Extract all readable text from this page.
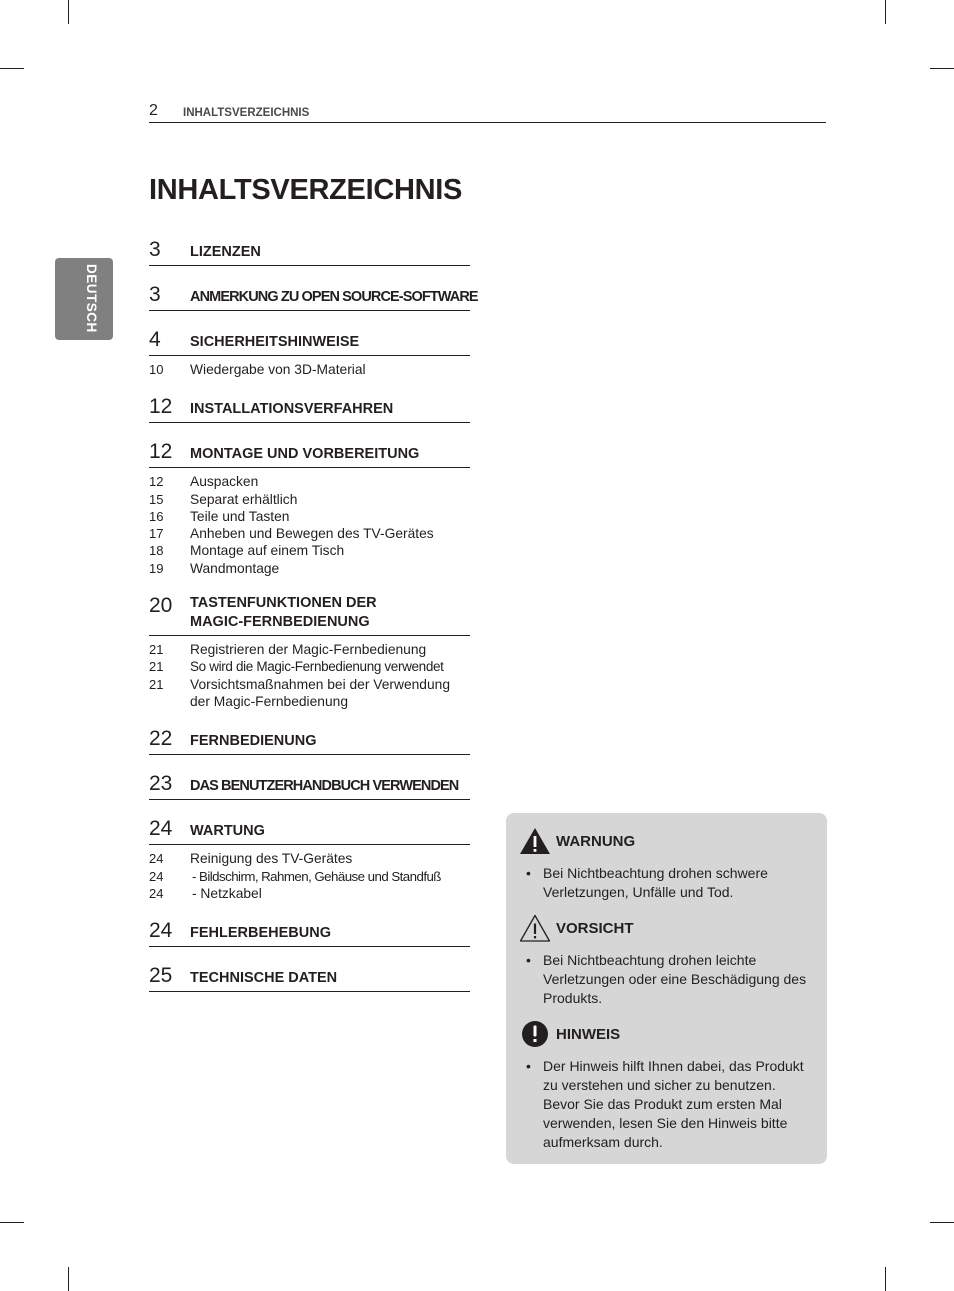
2 INHALTSVERZEICHNIS
DEUTSCH
INHALTSVERZEICHNIS
3	LIZENZEN
3	ANMERKUNG ZU OPEN SOURCE-SOFTWARE
4	SICHERHEITSHINWEISE
10	Wiedergabe von 3D-Material
12	INSTALLATIONSVERFAHREN
12	MONTAGE UND VORBEREITUNG
12	Auspacken
15	Separat erhältlich
16	Teile und Tasten
17	Anheben und Bewegen des TV-Gerätes
18	Montage auf einem Tisch
19	Wandmontage
20	TASTENFUNKTIONEN DER MAGIC-FERNBEDIENUNG
21	Registrieren der Magic-Fernbedienung
21	So wird die Magic-Fernbedienung verwendet
21	Vorsichtsmaßnahmen bei der Verwendung der Magic-Fernbedienung
22	FERNBEDIENUNG
23	DAS BENUTZERHANDBUCH VERWENDEN
24	WARTUNG
24	Reinigung des TV-Gerätes
24	- Bildschirm, Rahmen, Gehäuse und Standfuß
24	- Netzkabel
24	FEHLERBEHEBUNG
25	TECHNISCHE DATEN
WARNUNG
• Bei Nichtbeachtung drohen schwere Verletzungen, Unfälle und Tod.
VORSICHT
• Bei Nichtbeachtung drohen leichte Verletzungen oder eine Beschädigung des Produkts.
HINWEIS
• Der Hinweis hilft Ihnen dabei, das Produkt zu verstehen und sicher zu benutzen. Bevor Sie das Produkt zum ersten Mal verwenden, lesen Sie den Hinweis bitte aufmerksam durch.
